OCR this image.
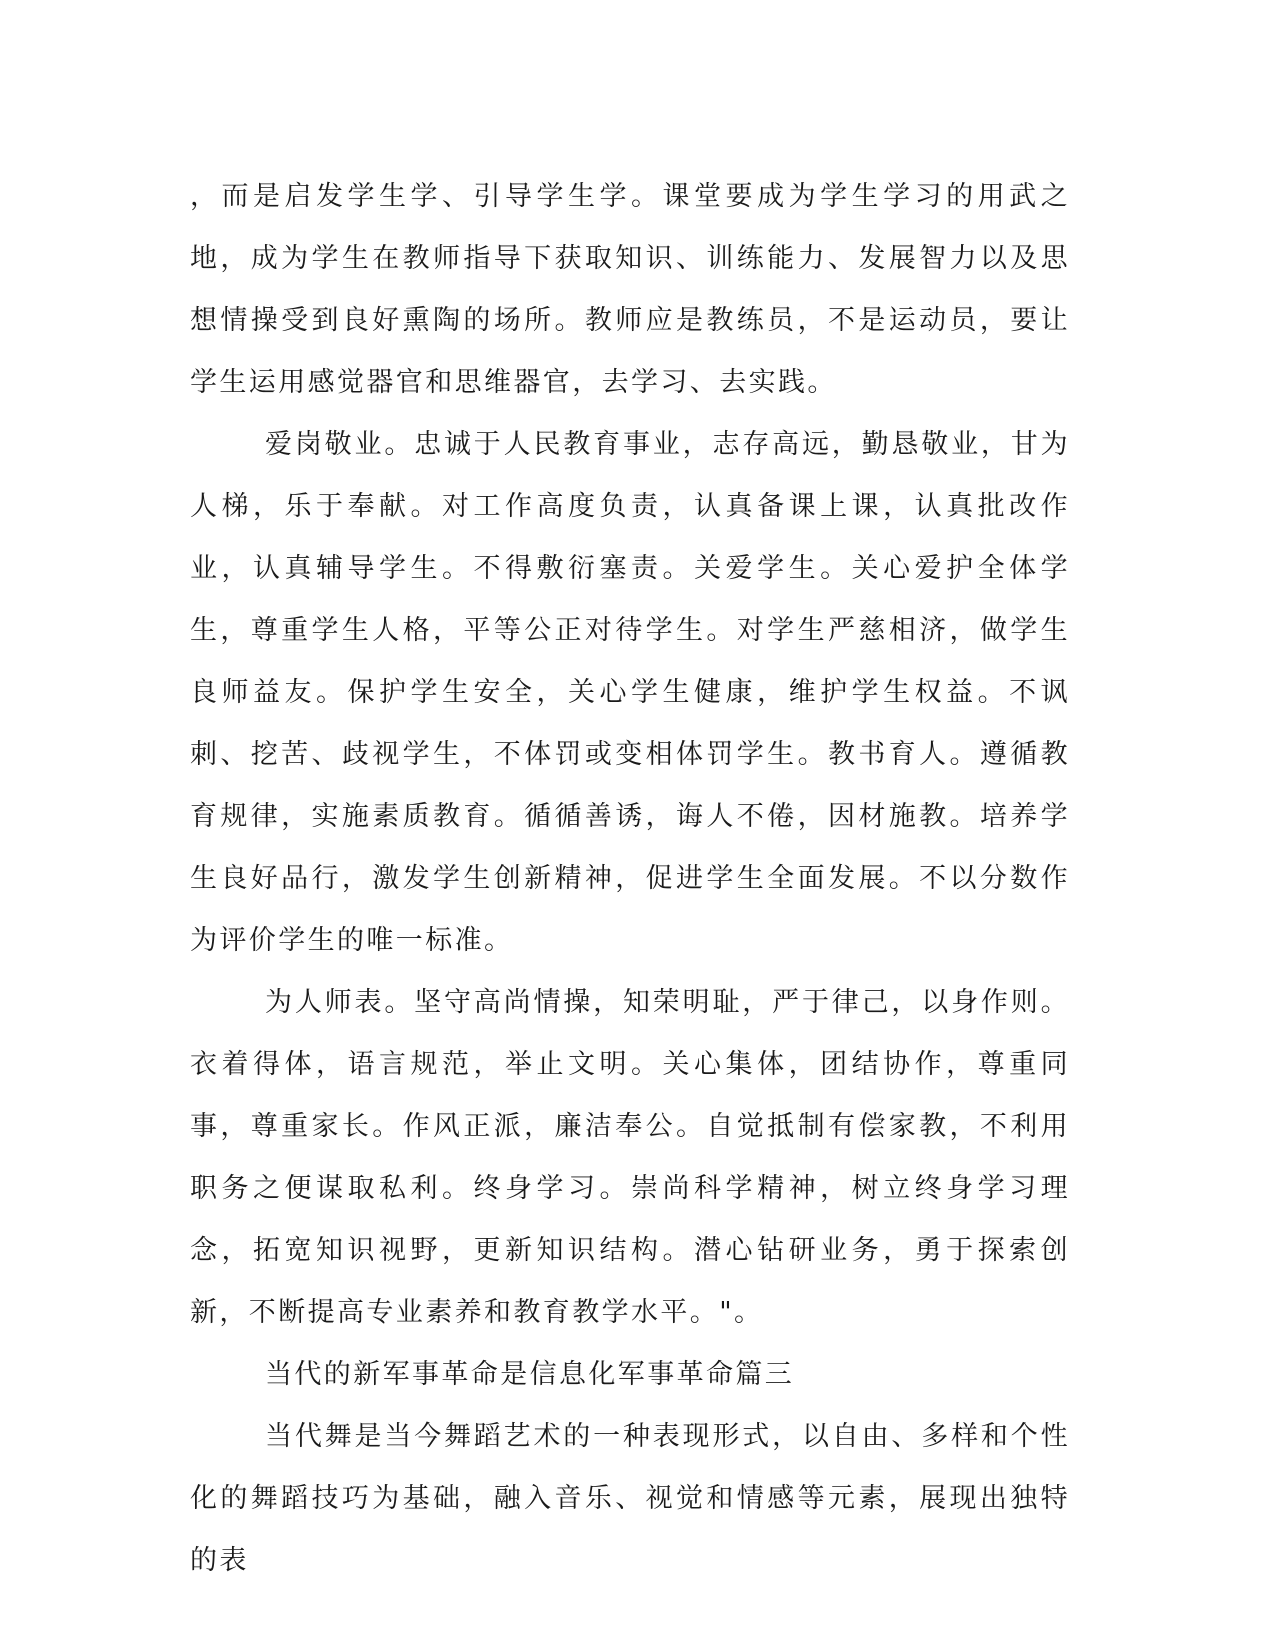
，而是启发学生学、引导学生学。课堂要成为学生学习的用武之地，成为学生在教师指导下获取知识、训练能力、发展智力以及思想情操受到良好熏陶的场所。教师应是教练员，不是运动员，要让学生运用感觉器官和思维器官，去学习、去实践。

爱岗敬业。忠诚于人民教育事业，志存高远，勤恳敬业，甘为人梯，乐于奉献。对工作高度负责，认真备课上课，认真批改作业，认真辅导学生。不得敷衍塞责。关爱学生。关心爱护全体学生，尊重学生人格，平等公正对待学生。对学生严慈相济，做学生良师益友。保护学生安全，关心学生健康，维护学生权益。不讽刺、挖苦、歧视学生，不体罚或变相体罚学生。教书育人。遵循教育规律，实施素质教育。循循善诱，诲人不倦，因材施教。培养学生良好品行，激发学生创新精神，促进学生全面发展。不以分数作为评价学生的唯一标准。

为人师表。坚守高尚情操，知荣明耻，严于律己，以身作则。衣着得体，语言规范，举止文明。关心集体，团结协作，尊重同事，尊重家长。作风正派，廉洁奉公。自觉抵制有偿家教，不利用职务之便谋取私利。终身学习。崇尚科学精神，树立终身学习理念，拓宽知识视野，更新知识结构。潜心钻研业务，勇于探索创新，不断提高专业素养和教育教学水平。"。

当代的新军事革命是信息化军事革命篇三

当代舞是当今舞蹈艺术的一种表现形式，以自由、多样和个性化的舞蹈技巧为基础，融入音乐、视觉和情感等元素，展现出独特的表
